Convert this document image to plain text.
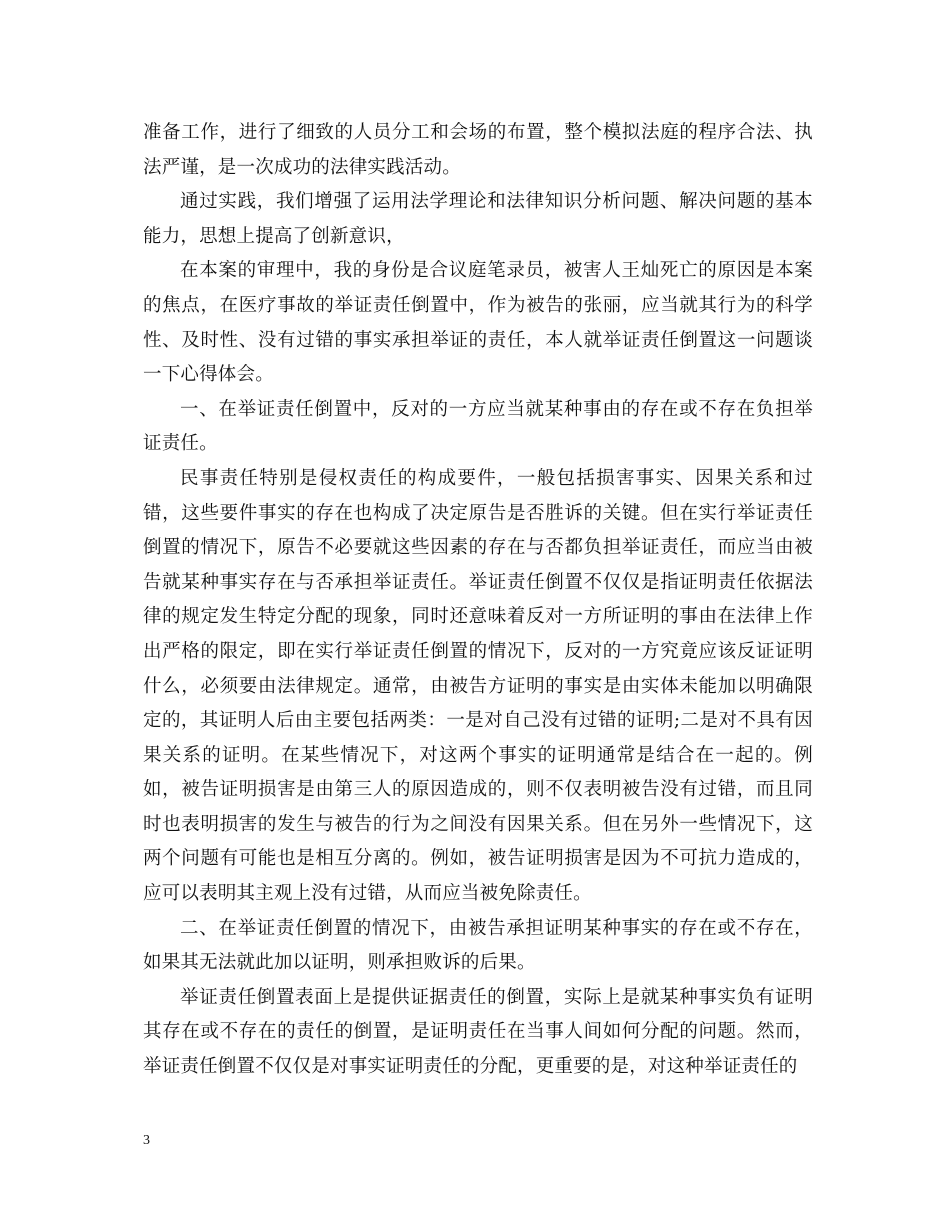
准备工作，进行了细致的人员分工和会场的布置，整个模拟法庭的程序合法、执法严谨，是一次成功的法律实践活动。

通过实践，我们增强了运用法学理论和法律知识分析问题、解决问题的基本能力，思想上提高了创新意识，

在本案的审理中，我的身份是合议庭笔录员，被害人王灿死亡的原因是本案的焦点，在医疗事故的举证责任倒置中，作为被告的张丽，应当就其行为的科学性、及时性、没有过错的事实承担举证的责任，本人就举证责任倒置这一问题谈一下心得体会。

一、在举证责任倒置中，反对的一方应当就某种事由的存在或不存在负担举证责任。

民事责任特别是侵权责任的构成要件，一般包括损害事实、因果关系和过错，这些要件事实的存在也构成了决定原告是否胜诉的关键。但在实行举证责任倒置的情况下，原告不必要就这些因素的存在与否都负担举证责任，而应当由被告就某种事实存在与否承担举证责任。举证责任倒置不仅仅是指证明责任依据法律的规定发生特定分配的现象，同时还意味着反对一方所证明的事由在法律上作出严格的限定，即在实行举证责任倒置的情况下，反对的一方究竟应该反证证明什么，必须要由法律规定。通常，由被告方证明的事实是由实体未能加以明确限定的，其证明人后由主要包括两类：一是对自己没有过错的证明;二是对不具有因果关系的证明。在某些情况下，对这两个事实的证明通常是结合在一起的。例如，被告证明损害是由第三人的原因造成的，则不仅表明被告没有过错，而且同时也表明损害的发生与被告的行为之间没有因果关系。但在另外一些情况下，这两个问题有可能也是相互分离的。例如，被告证明损害是因为不可抗力造成的，应可以表明其主观上没有过错，从而应当被免除责任。

二、在举证责任倒置的情况下，由被告承担证明某种事实的存在或不存在，如果其无法就此加以证明，则承担败诉的后果。

举证责任倒置表面上是提供证据责任的倒置，实际上是就某种事实负有证明其存在或不存在的责任的倒置，是证明责任在当事人间如何分配的问题。然而，举证责任倒置不仅仅是对事实证明责任的分配，更重要的是，对这种举证责任的

3
